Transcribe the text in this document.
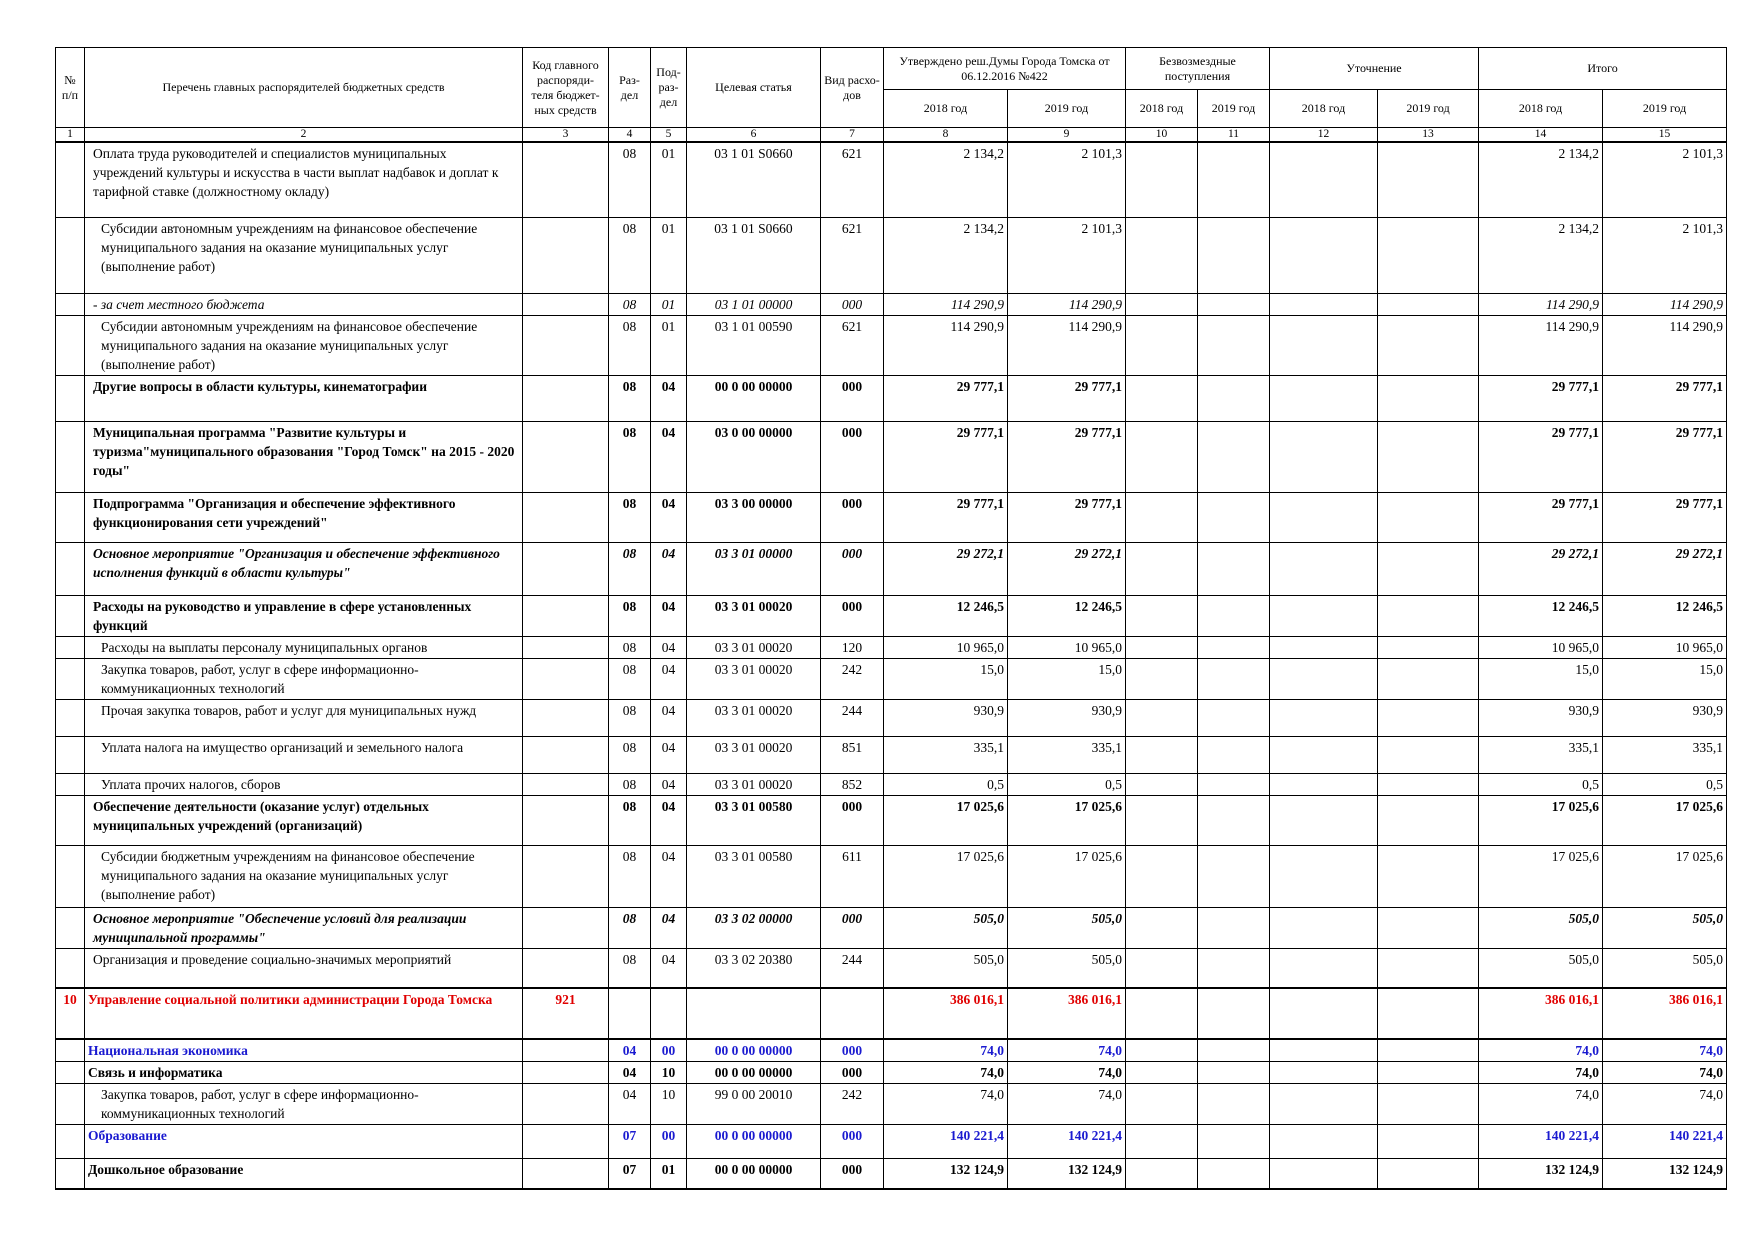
№ п/п	Перечень главных распорядителей бюджетных средств	Код главного распоряди-теля бюджет-ных средств	Раз-дел	Под-раз-дел	Целевая статья	Вид расхо-дов	Утверждено реш.Думы Города Томска от 06.12.2016 №422		Безвозмездные поступления		Уточнение		Итого	
							2018 год	2019 год	2018 год	2019 год	2018 год	2019 год	2018 год	2019 год
1	2	3	4	5	6	7	8	9	10	11	12	13	14	15
	Оплата труда руководителей и специалистов муниципальных учреждений культуры и искусства в части выплат надбавок и доплат к тарифной ставке (должностному окладу)		08	01	03 1 01 S0660	621	2 134,2	2 101,3					2 134,2	2 101,3
	Субсидии автономным учреждениям на финансовое обеспечение муниципального задания на оказание муниципальных услуг (выполнение работ)		08	01	03 1 01 S0660	621	2 134,2	2 101,3					2 134,2	2 101,3
	- за счет местного бюджета		08	01	03 1 01 00000	000	114 290,9	114 290,9					114 290,9	114 290,9
	Субсидии автономным учреждениям на финансовое обеспечение муниципального задания на оказание муниципальных услуг (выполнение работ)		08	01	03 1 01 00590	621	114 290,9	114 290,9					114 290,9	114 290,9
	Другие вопросы в области культуры, кинематографии		08	04	00 0 00 00000	000	29 777,1	29 777,1					29 777,1	29 777,1
	Муниципальная программа "Развитие культуры и туризма"муниципального образования "Город Томск" на 2015 - 2020 годы"		08	04	03 0 00 00000	000	29 777,1	29 777,1					29 777,1	29 777,1
	Подпрограмма "Организация и обеспечение эффективного функционирования сети учреждений"		08	04	03 3 00 00000	000	29 777,1	29 777,1					29 777,1	29 777,1
	Основное мероприятие "Организация и обеспечение эффективного исполнения функций в области культуры"		08	04	03 3 01 00000	000	29 272,1	29 272,1					29 272,1	29 272,1
	Расходы на руководство и управление в сфере установленных функций		08	04	03 3 01 00020	000	12 246,5	12 246,5					12 246,5	12 246,5
	Расходы на выплаты персоналу муниципальных органов		08	04	03 3 01 00020	120	10 965,0	10 965,0					10 965,0	10 965,0
	Закупка товаров, работ, услуг в сфере информационно-коммуникационных технологий		08	04	03 3 01 00020	242	15,0	15,0					15,0	15,0
	Прочая закупка товаров, работ и услуг для муниципальных нужд		08	04	03 3 01 00020	244	930,9	930,9					930,9	930,9
	Уплата налога на имущество организаций и земельного налога		08	04	03 3 01 00020	851	335,1	335,1					335,1	335,1
	Уплата прочих налогов, сборов		08	04	03 3 01 00020	852	0,5	0,5					0,5	0,5
	Обеспечение деятельности (оказание услуг) отдельных муниципальных учреждений (организаций)		08	04	03 3 01 00580	000	17 025,6	17 025,6					17 025,6	17 025,6
	Субсидии бюджетным учреждениям на финансовое обеспечение муниципального задания на оказание муниципальных услуг (выполнение работ)		08	04	03 3 01 00580	611	17 025,6	17 025,6					17 025,6	17 025,6
	Основное мероприятие "Обеспечение условий для реализации муниципальной программы"		08	04	03 3 02 00000	000	505,0	505,0					505,0	505,0
	Организация и проведение социально-значимых мероприятий		08	04	03 3 02 20380	244	505,0	505,0					505,0	505,0
10	Управление социальной политики администрации Города Томска	921					386 016,1	386 016,1					386 016,1	386 016,1
	Национальная экономика		04	00	00 0 00 00000	000	74,0	74,0					74,0	74,0
	Связь и информатика		04	10	00 0 00 00000	000	74,0	74,0					74,0	74,0
	Закупка товаров, работ, услуг в сфере информационно-коммуникационных технологий		04	10	99 0 00 20010	242	74,0	74,0					74,0	74,0
	Образование		07	00	00 0 00 00000	000	140 221,4	140 221,4					140 221,4	140 221,4
	Дошкольное образование		07	01	00 0 00 00000	000	132 124,9	132 124,9					132 124,9	132 124,9
